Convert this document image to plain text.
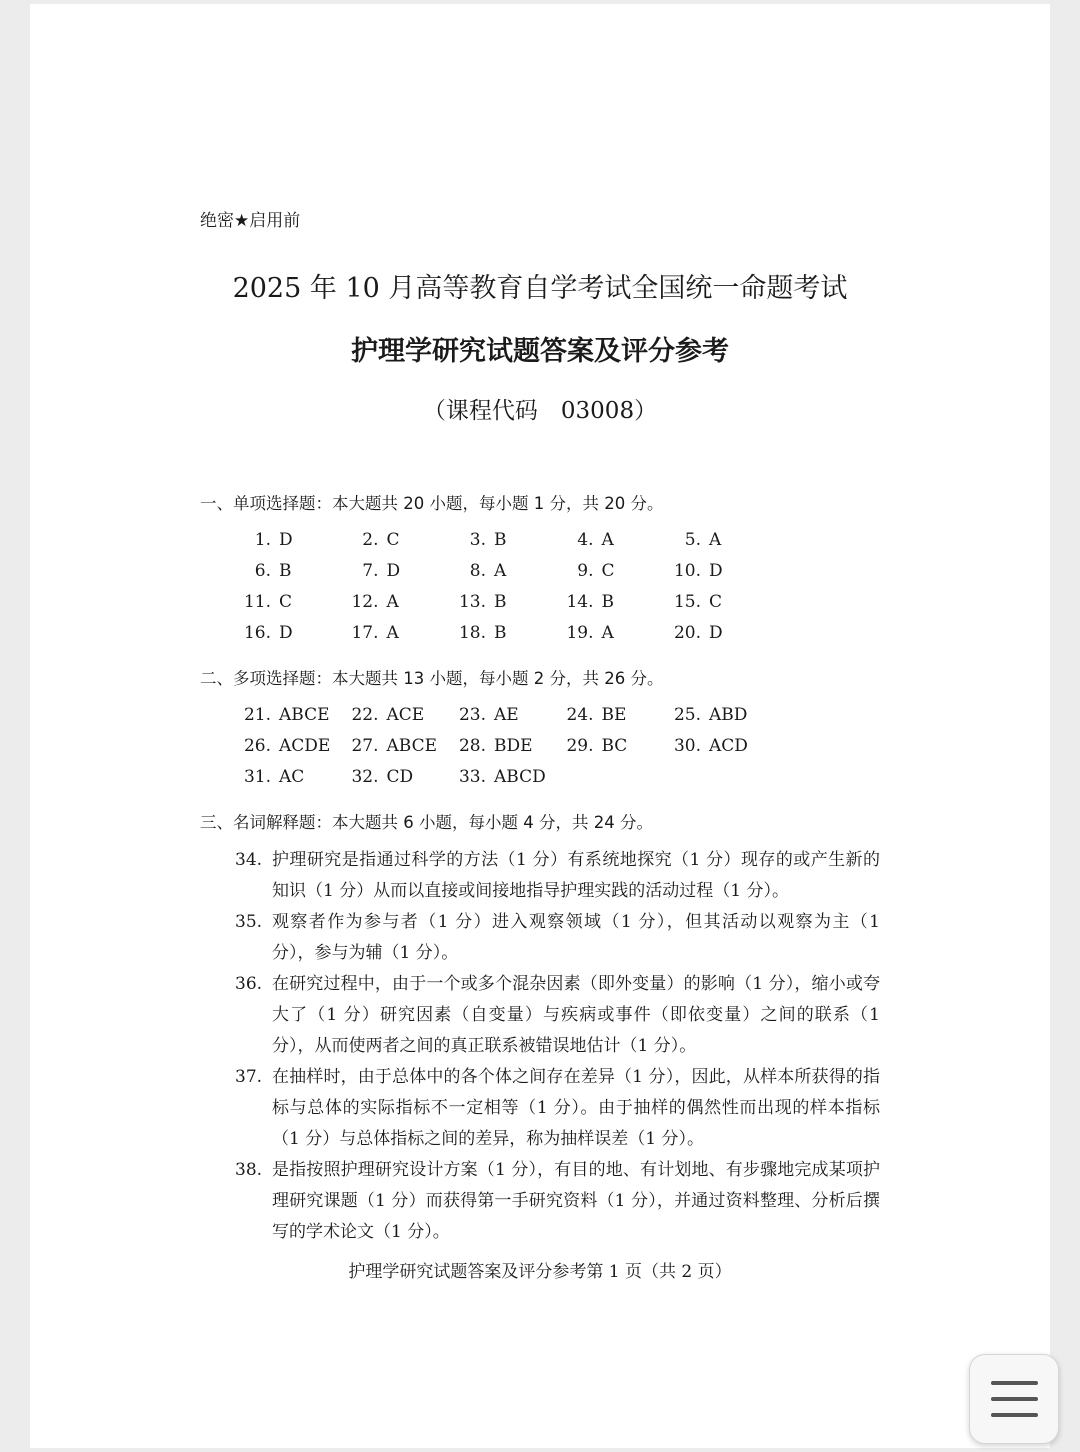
绝密★启用前
2025 年 10 月高等教育自学考试全国统一命题考试
护理学研究试题答案及评分参考
（课程代码　03008）
一、单项选择题：本大题共 20 小题，每小题 1 分，共 20 分。
1. D	2. C	3. B	4. A	5. A
6. B	7. D	8. A	9. C	10. D
11. C	12. A	13. B	14. B	15. C
16. D	17. A	18. B	19. A	20. D
二、多项选择题：本大题共 13 小题，每小题 2 分，共 26 分。
21. ABCE 22. ACE 23. AE	24. BE	25. ABD
26. ACDE 27. ABCE 28. BDE 29. BC	30. ACD
31. AC	32. CD	33. ABCD
三、名词解释题：本大题共 6 小题，每小题 4 分，共 24 分。
34. 护理研究是指通过科学的方法（1 分）有系统地探究（1 分）现存的或产生新的知识（1 分）从而以直接或间接地指导护理实践的活动过程（1 分）。
35. 观察者作为参与者（1 分）进入观察领域（1 分），但其活动以观察为主（1 分），参与为辅（1 分）。
36. 在研究过程中，由于一个或多个混杂因素（即外变量）的影响（1 分），缩小或夸大了（1 分）研究因素（自变量）与疾病或事件（即依变量）之间的联系（1 分），从而使两者之间的真正联系被错误地估计（1 分）。
37. 在抽样时，由于总体中的各个体之间存在差异（1 分），因此，从样本所获得的指标与总体的实际指标不一定相等（1 分）。由于抽样的偶然性而出现的样本指标（1 分）与总体指标之间的差异，称为抽样误差（1 分）。
38. 是指按照护理研究设计方案（1 分），有目的地、有计划地、有步骤地完成某项护理研究课题（1 分）而获得第一手研究资料（1 分），并通过资料整理、分析后撰写的学术论文（1 分）。
护理学研究试题答案及评分参考第 1 页（共 2 页）
